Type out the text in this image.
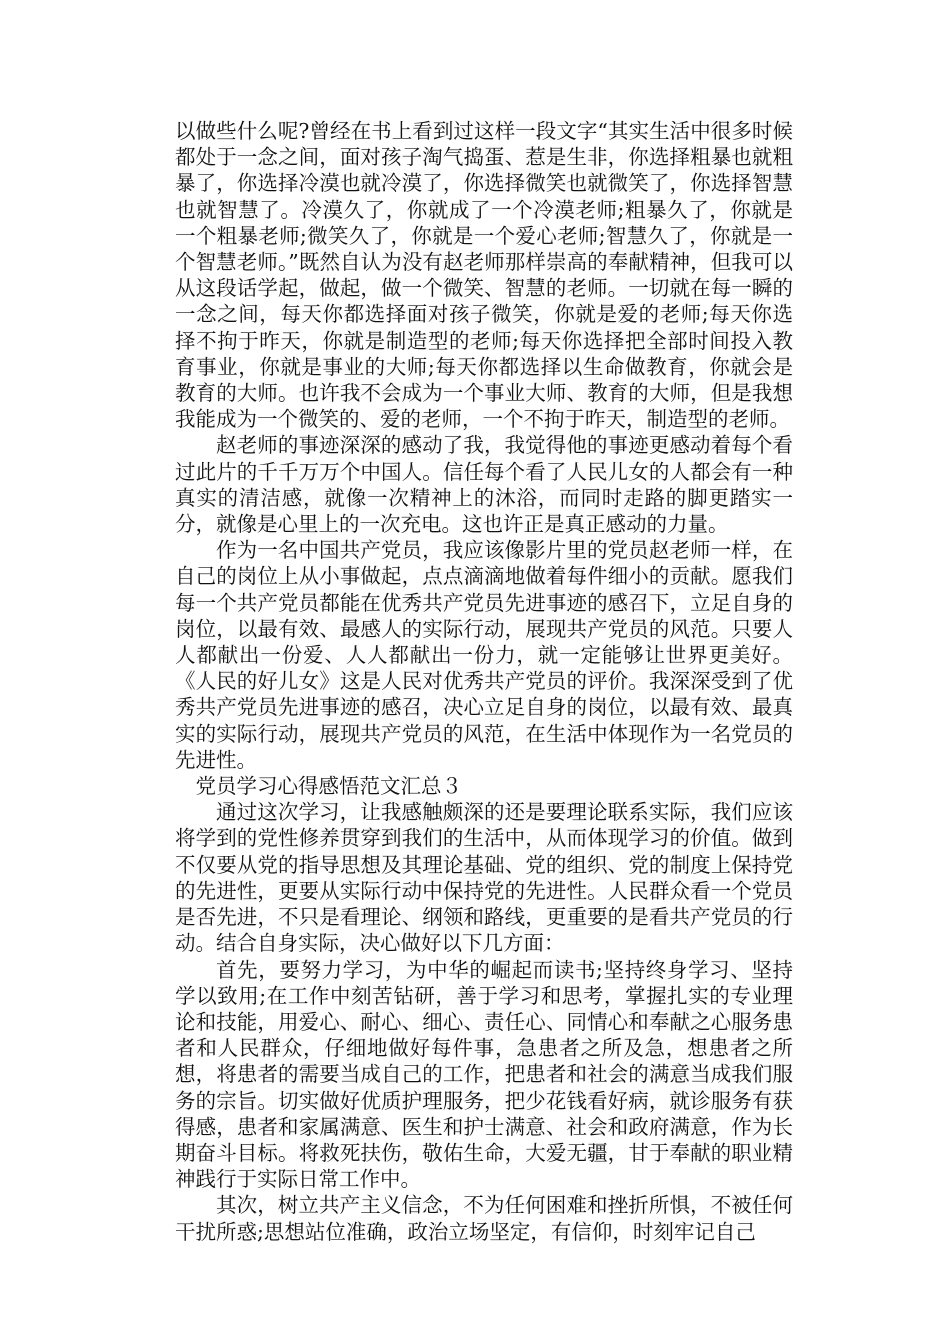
以做些什么呢?曾经在书上看到过这样一段文字“其实生活中很多时候都处于一念之间，面对孩子淘气捣蛋、惹是生非，你选择粗暴也就粗暴了，你选择冷漠也就冷漠了，你选择微笑也就微笑了，你选择智慧也就智慧了。冷漠久了，你就成了一个冷漠老师;粗暴久了，你就是一个粗暴老师;微笑久了，你就是一个爱心老师;智慧久了，你就是一个智慧老师。”既然自认为没有赵老师那样崇高的奉献精神，但我可以从这段话学起，做起，做一个微笑、智慧的老师。一切就在每一瞬的一念之间，每天你都选择面对孩子微笑，你就是爱的老师;每天你选择不拘于昨天，你就是制造型的老师;每天你选择把全部时间投入教育事业，你就是事业的大师;每天你都选择以生命做教育，你就会是教育的大师。也许我不会成为一个事业大师、教育的大师，但是我想我能成为一个微笑的、爱的老师，一个不拘于昨天，制造型的老师。

赵老师的事迹深深的感动了我，我觉得他的事迹更感动着每个看过此片的千千万万个中国人。信任每个看了人民儿女的人都会有一种真实的清洁感，就像一次精神上的沐浴，而同时走路的脚更踏实一分，就像是心里上的一次充电。这也许正是真正感动的力量。

作为一名中国共产党员，我应该像影片里的党员赵老师一样，在自己的岗位上从小事做起，点点滴滴地做着每件细小的贡献。愿我们每一个共产党员都能在优秀共产党员先进事迹的感召下，立足自身的岗位，以最有效、最感人的实际行动，展现共产党员的风范。只要人人都献出一份爱、人人都献出一份力，就一定能够让世界更美好。《人民的好儿女》这是人民对优秀共产党员的评价。我深深受到了优秀共产党员先进事迹的感召，决心立足自身的岗位，以最有效、最真实的实际行动，展现共产党员的风范，在生活中体现作为一名党员的先进性。

党员学习心得感悟范文汇总３

通过这次学习，让我感触颇深的还是要理论联系实际，我们应该将学到的党性修养贯穿到我们的生活中，从而体现学习的价值。做到不仅要从党的指导思想及其理论基础、党的组织、党的制度上保持党的先进性，更要从实际行动中保持党的先进性。人民群众看一个党员是否先进，不只是看理论、纲领和路线，更重要的是看共产党员的行动。结合自身实际，决心做好以下几方面：

首先，要努力学习，为中华的崛起而读书;坚持终身学习、坚持学以致用;在工作中刻苦钻研，善于学习和思考，掌握扎实的专业理论和技能，用爱心、耐心、细心、责任心、同情心和奉献之心服务患者和人民群众，仔细地做好每件事，急患者之所及急，想患者之所想，将患者的需要当成自己的工作，把患者和社会的满意当成我们服务的宗旨。切实做好优质护理服务，把少花钱看好病，就诊服务有获得感，患者和家属满意、医生和护士满意、社会和政府满意，作为长期奋斗目标。将救死扶伤，敬佑生命，大爱无疆，甘于奉献的职业精神践行于实际日常工作中。

其次，树立共产主义信念，不为任何困难和挫折所惧，不被任何干扰所惑;思想站位准确，政治立场坚定，有信仰，时刻牢记自己
